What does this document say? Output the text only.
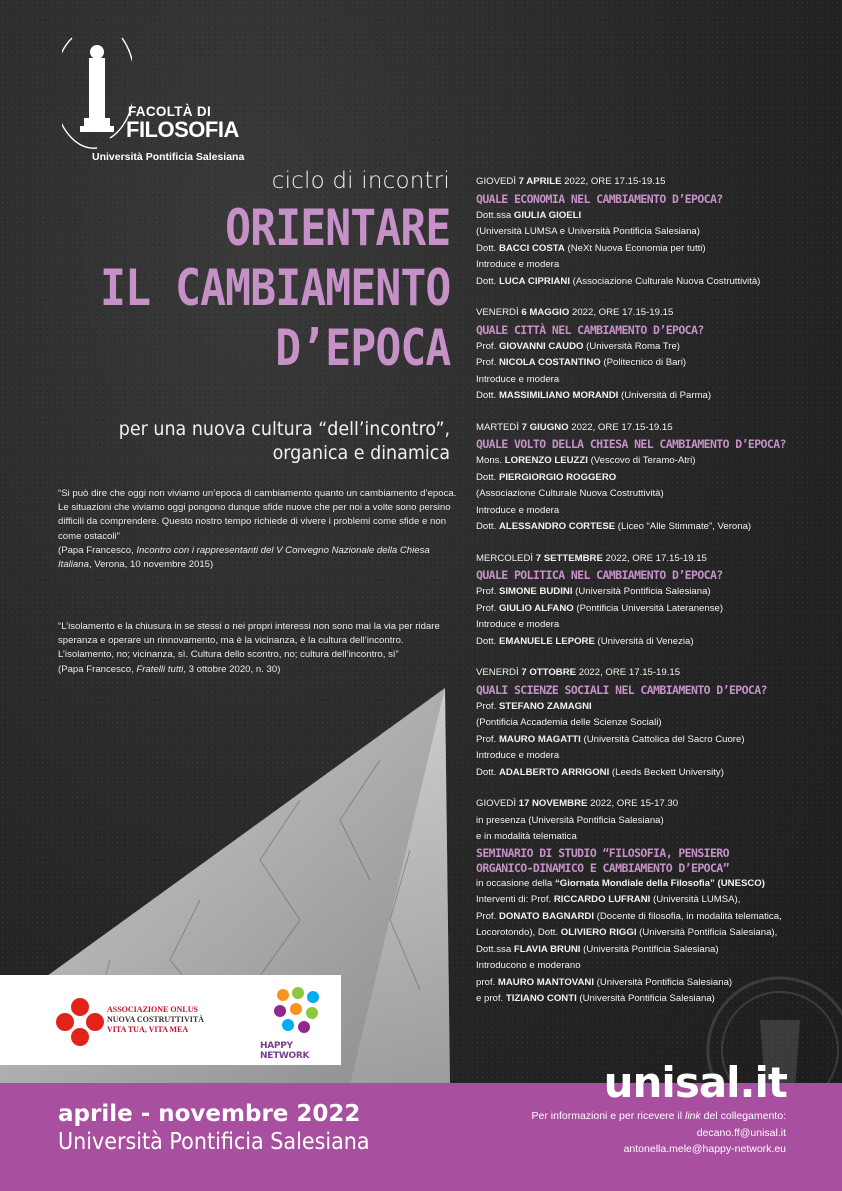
FACOLTÀ DI
FILOSOFIA
Università Pontificia Salesiana
ciclo di incontri
ORIENTARE
IL CAMBIAMENTO
D’EPOCA
per una nuova cultura “dell’incontro”,
organica e dinamica
“Si può dire che oggi non viviamo un’epoca di cambiamento quanto un cambiamento d’epoca. Le situazioni che viviamo oggi pongono dunque sfide nuove che per noi a volte sono persino difficili da comprendere. Questo nostro tempo richiede di vivere i problemi come sfide e non come ostacoli”
(Papa Francesco, Incontro con i rappresentanti del V Convegno Nazionale della Chiesa Italiana, Verona, 10 novembre 2015)
“L’isolamento e la chiusura in se stessi o nei propri interessi non sono mai la via per ridare speranza e operare un rinnovamento, ma è la vicinanza, è la cultura dell’incontro. L’isolamento, no; vicinanza, sì. Cultura dello scontro, no; cultura dell’incontro, sì”
(Papa Francesco, Fratelli tutti, 3 ottobre 2020, n. 30)
GIOVEDÌ 7 APRILE 2022, ORE 17.15-19.15
QUALE ECONOMIA NEL CAMBIAMENTO D’EPOCA?
Dott.ssa GIULIA GIOELI
(Università LUMSA e Università Pontificia Salesiana)
Dott. BACCI COSTA (NeXt Nuova Economia per tutti)
Introduce e modera
Dott. LUCA CIPRIANI (Associazione Culturale Nuova Costruttività)
VENERDÌ 6 MAGGIO 2022, ORE 17.15-19.15
QUALE CITTÀ NEL CAMBIAMENTO D’EPOCA?
Prof. GIOVANNI CAUDO (Università Roma Tre)
Prof. NICOLA COSTANTINO (Politecnico di Bari)
Introduce e modera
Dott. MASSIMILIANO MORANDI (Università di Parma)
MARTEDÌ 7 GIUGNO 2022, ORE 17.15-19.15
QUALE VOLTO DELLA CHIESA NEL CAMBIAMENTO D’EPOCA?
Mons. LORENZO LEUZZI (Vescovo di Teramo-Atri)
Dott. PIERGIORGIO ROGGERO
(Associazione Culturale Nuova Costruttività)
Introduce e modera
Dott. ALESSANDRO CORTESE (Liceo “Alle Stimmate”, Verona)
MERCOLEDÌ 7 SETTEMBRE 2022, ORE 17.15-19.15
QUALE POLITICA NEL CAMBIAMENTO D’EPOCA?
Prof. SIMONE BUDINI (Università Pontificia Salesiana)
Prof. GIULIO ALFANO (Pontificia Università Lateranense)
Introduce e modera
Dott. EMANUELE LEPORE (Università di Venezia)
VENERDÌ 7 OTTOBRE 2022, ORE 17.15-19.15
QUALI SCIENZE SOCIALI NEL CAMBIAMENTO D’EPOCA?
Prof. STEFANO ZAMAGNI
(Pontificia Accademia delle Scienze Sociali)
Prof. MAURO MAGATTI (Università Cattolica del Sacro Cuore)
Introduce e modera
Dott. ADALBERTO ARRIGONI (Leeds Beckett University)
GIOVEDÌ 17 NOVEMBRE 2022, ORE 15-17.30
in presenza (Università Pontificia Salesiana)
e in modalità telematica
SEMINARIO DI STUDIO “FILOSOFIA, PENSIERO
ORGANICO-DINAMICO E CAMBIAMENTO D’EPOCA”
in occasione della “Giornata Mondiale della Filosofia” (UNESCO)
Interventi di: Prof. RICCARDO LUFRANI (Università LUMSA),
Prof. DONATO BAGNARDI (Docente di filosofia, in modalità telematica, Locorotondo), Dott. OLIVIERO RIGGI (Università Pontificia Salesiana), Dott.ssa FLAVIA BRUNI (Università Pontificia Salesiana)
Introducono e moderano
prof. MAURO MANTOVANI (Università Pontificia Salesiana)
e prof. TIZIANO CONTI (Università Pontificia Salesiana)
ASSOCIAZIONE ONLUS
NUOVA COSTRUTTIVITÀ
VITA TUA, VITA MEA
HAPPY NETWORK
aprile - novembre 2022
Università Pontificia Salesiana
unisal.it
Per informazioni e per ricevere il link del collegamento:
decano.ff@unisal.it
antonella.mele@happy-network.eu
